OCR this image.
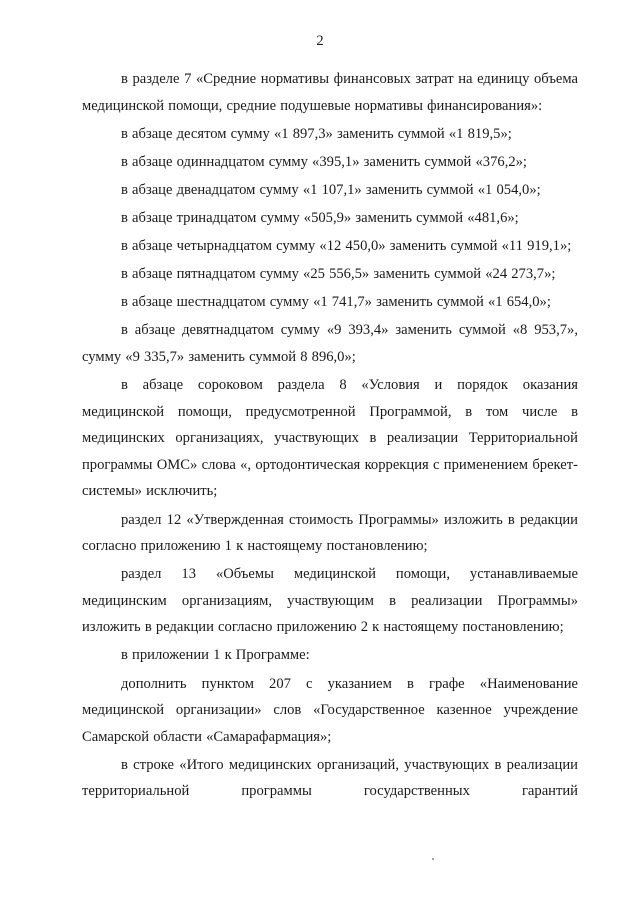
2

в разделе 7 «Средние нормативы финансовых затрат на единицу объема медицинской помощи, средние подушевые нормативы финансирования»:

в абзаце десятом сумму «1 897,3» заменить суммой «1 819,5»;

в абзаце одиннадцатом сумму «395,1» заменить суммой «376,2»;

в абзаце двенадцатом сумму «1 107,1» заменить суммой «1 054,0»;

в абзаце тринадцатом сумму «505,9» заменить суммой «481,6»;

в абзаце четырнадцатом сумму «12 450,0» заменить суммой «11 919,1»;

в абзаце пятнадцатом сумму «25 556,5» заменить суммой «24 273,7»;

в абзаце шестнадцатом сумму «1 741,7» заменить суммой «1 654,0»;

в абзаце девятнадцатом сумму «9 393,4» заменить суммой «8 953,7», сумму «9 335,7» заменить суммой 8 896,0»;

в абзаце сороковом раздела 8 «Условия и порядок оказания медицинской помощи, предусмотренной Программой, в том числе в медицинских организациях, участвующих в реализации Территориальной программы ОМС» слова «, ортодонтическая коррекция с применением брекет-системы» исключить;

раздел 12 «Утвержденная стоимость Программы» изложить в редакции согласно приложению 1 к настоящему постановлению;

раздел 13 «Объемы медицинской помощи, устанавливаемые медицинским организациям, участвующим в реализации Программы» изложить в редакции согласно приложению 2 к настоящему постановлению;

в приложении 1 к Программе:

дополнить пунктом 207 с указанием в графе «Наименование медицинской организации» слов «Государственное казенное учреждение Самарской области «Самарафармация»;

в строке «Итого медицинских организаций, участвующих в реализации территориальной программы государственных гарантий
